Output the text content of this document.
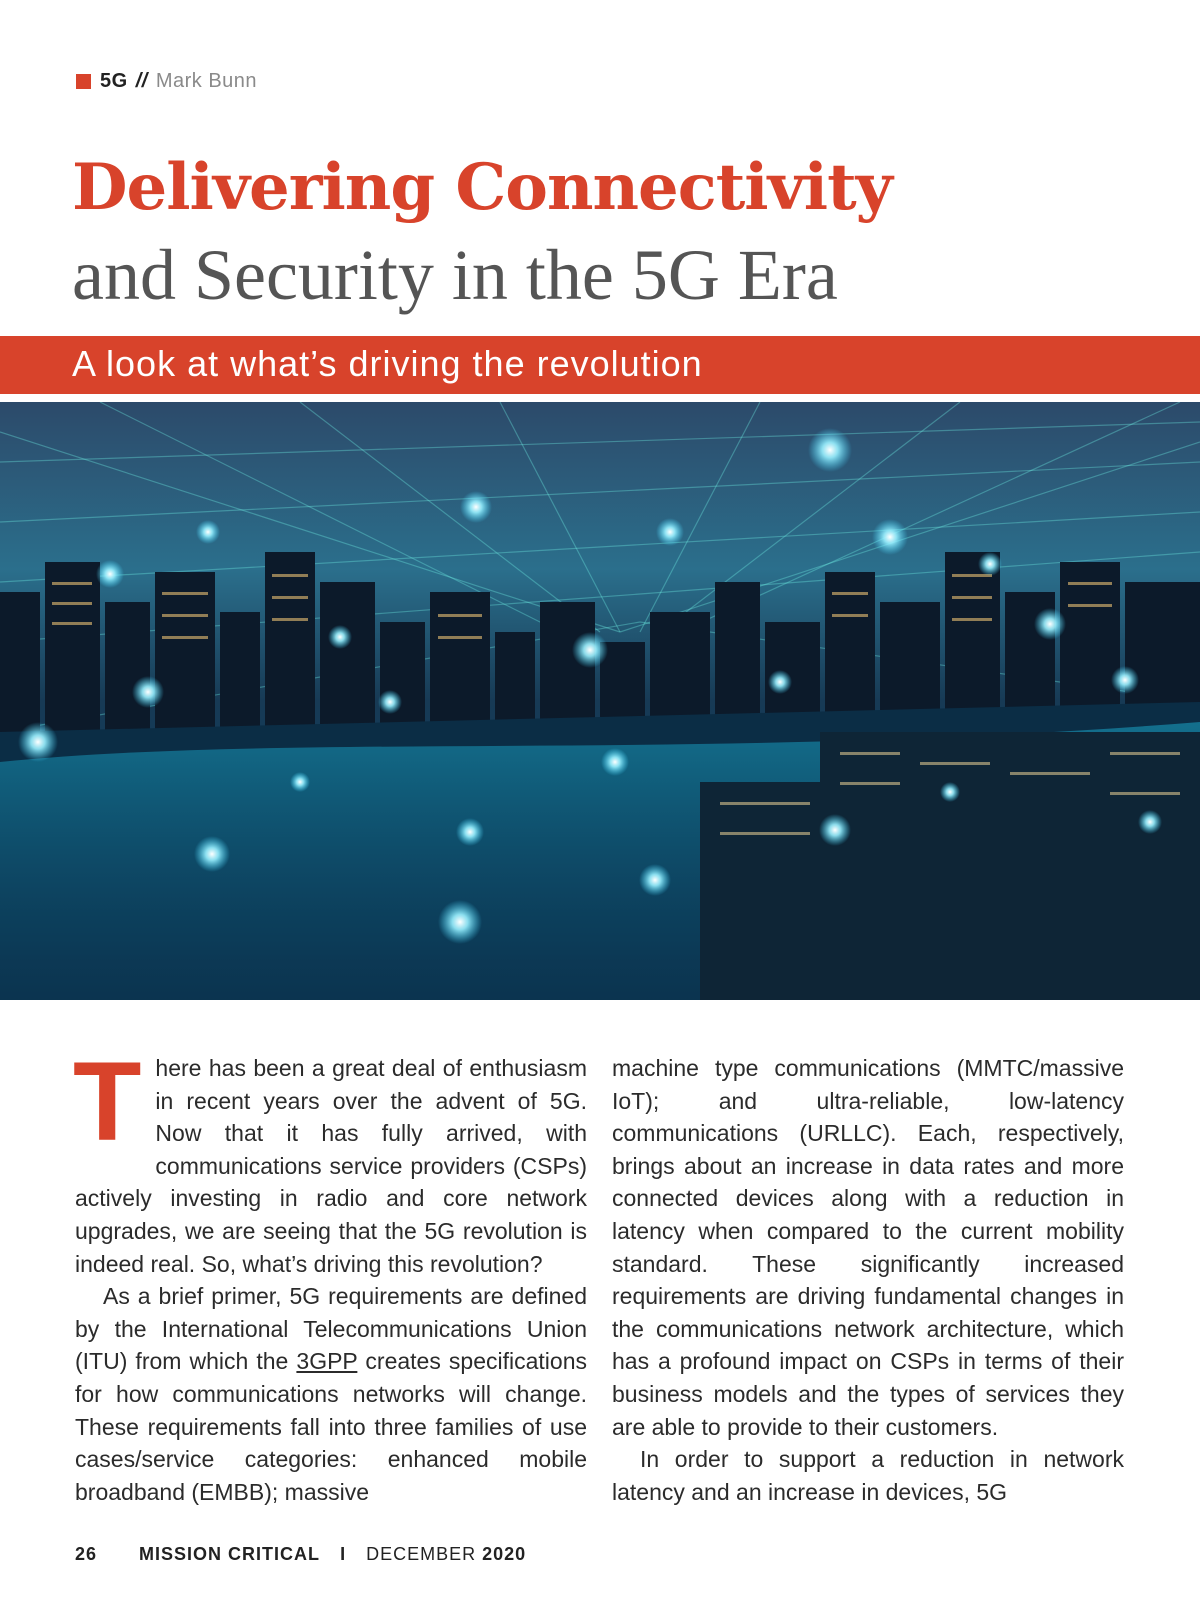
5G // Mark Bunn
Delivering Connectivity
and Security in the 5G Era
A look at what’s driving the revolution

There has been a great deal of enthusiasm in recent years over the advent of 5G. Now that it has fully arrived, with communications service providers (CSPs) actively investing in radio and core network upgrades, we are seeing that the 5G revolution is indeed real. So, what’s driving this revolution?

As a brief primer, 5G requirements are defined by the International Telecommunications Union (ITU) from which the 3GPP creates specifications for how communications networks will change. These requirements fall into three families of use cases/service categories: enhanced mobile broadband (EMBB); massive

machine type communications (MMTC/massive IoT); and ultra-reliable, low-latency communications (URLLC). Each, respectively, brings about an increase in data rates and more connected devices along with a reduction in latency when compared to the current mobility standard. These significantly increased requirements are driving fundamental changes in the communications network architecture, which has a profound impact on CSPs in terms of their business models and the types of services they are able to provide to their customers.

In order to support a reduction in network latency and an increase in devices, 5G

26 MISSION CRITICAL I DECEMBER 2020
